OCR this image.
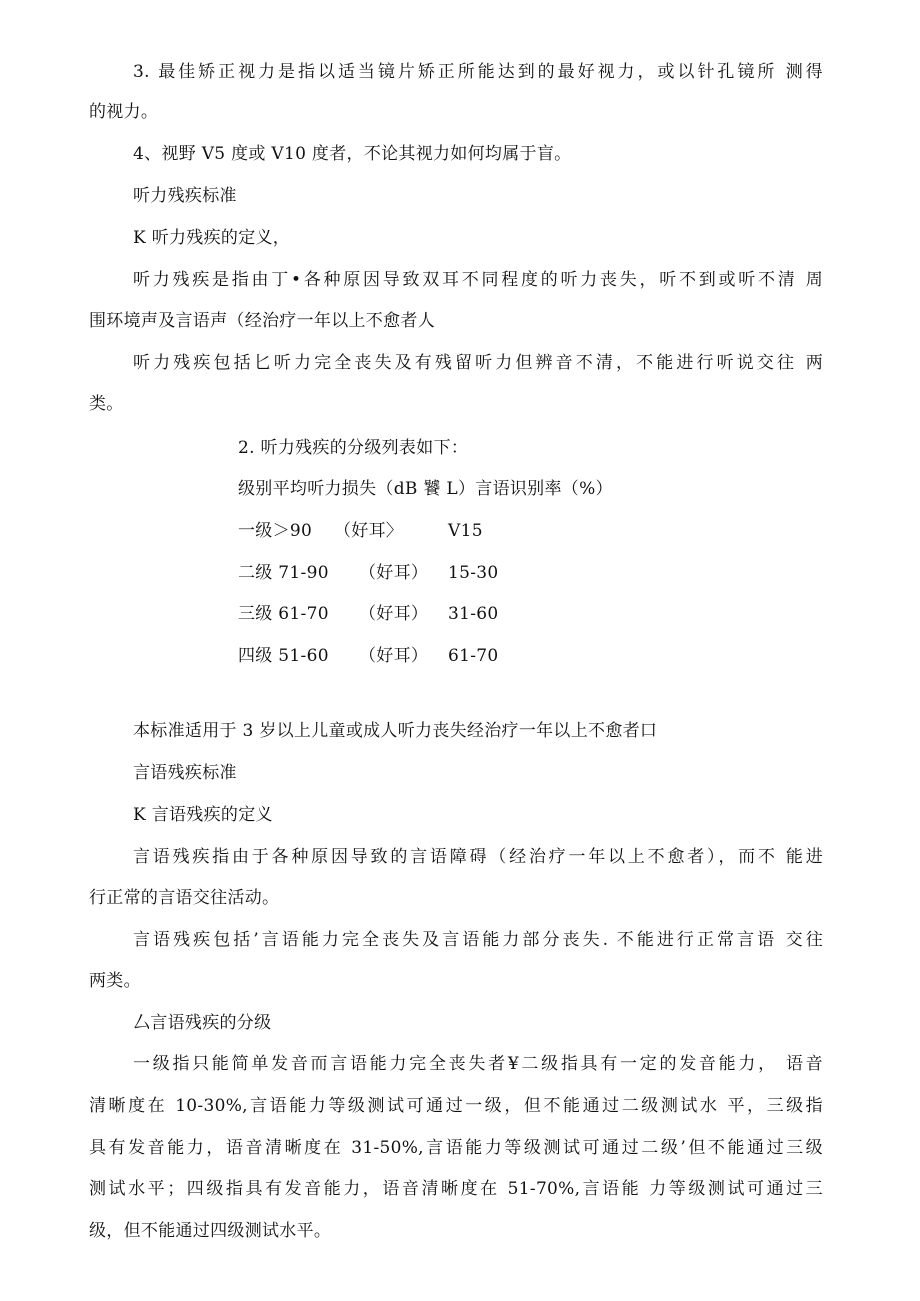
3. 最佳矫正视力是指以适当镜片矫正所能达到的最好视力，或以针孔镜所 测得
的视力。
4、视野 V5 度或 V10 度者，不论其视力如何均属于盲。
听力残疾标准
K 听力残疾的定义，
听力残疾是指由丁•各种原因导致双耳不同程度的听力丧失，听不到或听不清 周
围环境声及言语声（经治疗一年以上不愈者人
听力残疾包括匕听力完全丧失及有残留听力但辨音不清，不能进行听说交往 两
类。
2. 听力残疾的分级列表如下：
级别平均听力损失（dB 饕 L）言语识别率（%）
一级＞90 （好耳〉	V15
二级 71-90 （好耳） 15-30
三级 61-70 （好耳） 31-60
四级 51-60 （好耳） 61-70
本标准适用于 3 岁以上儿童或成人听力丧失经治疗一年以上不愈者口
言语残疾标准
K 言语残疾的定义
言语残疾指由于各种原因导致的言语障碍（经治疗一年以上不愈者），而不 能进
行正常的言语交往活动。
言语残疾包括’言语能力完全丧失及言语能力部分丧失. 不能进行正常言语 交往
两类。
厶言语残疾的分级
一级指只能简单发音而言语能力完全丧失者¥二级指具有一定的发音能力， 语音
清晰度在 10-30%,言语能力等级测试可通过一级，但不能通过二级测试水 平，三级指
具有发音能力，语音清晰度在 31-50%,言语能力等级测试可通过二级’但不能通过三级
测试水平；四级指具有发音能力，语音清晰度在 51-70%,言语能 力等级测试可通过三
级，但不能通过四级测试水平。
